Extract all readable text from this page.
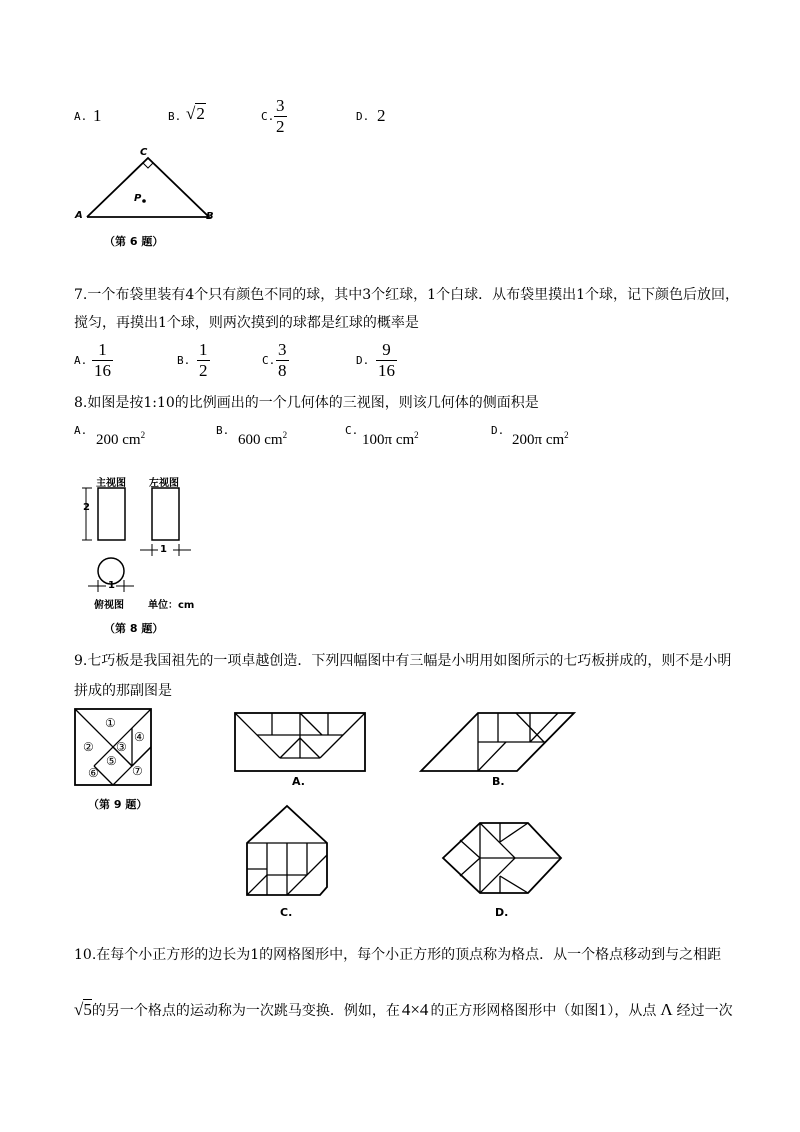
A. 1	B. √2	C. $\frac{3}{2}$	D. 2
C
A	B
P
（第 6 题）
7.一个布袋里装有4个只有颜色不同的球，其中3个红球，1个白球．从布袋里摸出1个球，记下颜色后放回，
搅匀，再摸出1个球，则两次摸到的球都是红球的概率是
A. $\frac{1}{16}$	B. $\frac{1}{2}$	C. $\frac{3}{8}$	D. $\frac{9}{16}$
8.如图是按1:10的比例画出的一个几何体的三视图，则该几何体的侧面积是
A.
200 $cm^2$	B.
600 $cm^2$	C.
100π $cm^2$	D.
200π $cm^2$
主视图 左视图
2
1
1
俯视图 单位：cm
（第 8 题）
9.七巧板是我国祖先的一项卓越创造．下列四幅图中有三幅是小明用如图所示的七巧板拼成的，则不是小明
拼成的那副图是
①
② ③
④
⑤
⑥	⑦
（第 9 题）
A.	B.
C.	D.
10.在每个小正方形的边长为1的网格图形中，每个小正方形的顶点称为格点．从一个格点移动到与之相距
√5的另一个格点的运动称为一次跳马变换．例如，在 4×4 的正方形网格图形中（如图1），从点 Λ 经过一次
